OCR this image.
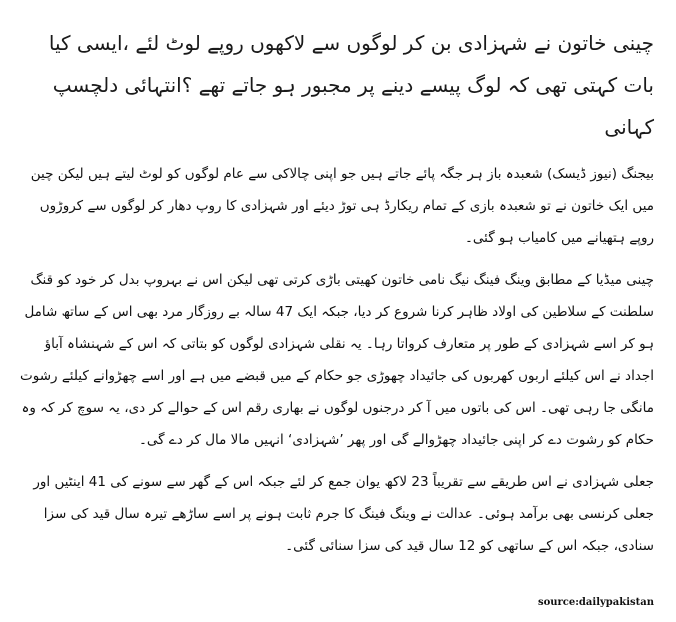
چینی خاتون نے شہزادی بن کر لوگوں سے لاکھوں روپے لوٹ لئے ،ایسی کیا بات کہتی تھی کہ لوگ پیسے دینے پر مجبور ہو جاتے تھے ؟انتہائی دلچسپ کہانی

بیجنگ (نیوز ڈیسک) شعبدہ باز ہر جگہ پائے جاتے ہیں جو اپنی چالاکی سے عام لوگوں کو لوٹ لیتے ہیں لیکن چین میں ایک خاتون نے تو شعبدہ بازی کے تمام ریکارڈ ہی توڑ دیئے اور شہزادی کا روپ دھار کر لوگوں سے کروڑوں روپے ہتھیانے میں کامیاب ہو گئی۔

چینی میڈیا کے مطابق وینگ فینگ نیگ نامی خاتون کھیتی باڑی کرتی تھی لیکن اس نے بہروپ بدل کر خود کو قنگ سلطنت کے سلاطین کی اولاد ظاہر کرنا شروع کر دیا، جبکہ ایک 47 سالہ بے روزگار مرد بھی اس کے ساتھ شامل ہو کر اسے شہزادی کے طور پر متعارف کرواتا رہا۔ یہ نقلی شہزادی لوگوں کو بتاتی کہ اس کے شہنشاہ آباؤ اجداد نے اس کیلئے اربوں کھربوں کی جائیداد چھوڑی جو حکام کے میں قبضے میں ہے اور اسے چھڑوانے کیلئے رشوت مانگی جا رہی تھی۔ اس کی باتوں میں آ کر درجنوں لوگوں نے بھاری رقم اس کے حوالے کر دی، یہ سوچ کر کہ وہ حکام کو رشوت دے کر اپنی جائیداد چھڑوالے گی اور پھر ’شہزادی‘ انہیں مالا مال کر دے گی۔

جعلی شہزادی نے اس طریقے سے تقریباً 23 لاکھ یوان جمع کر لئے جبکہ اس کے گھر سے سونے کی 41 اینٹیں اور جعلی کرنسی بھی برآمد ہوئی۔ عدالت نے وینگ فینگ کا جرم ثابت ہونے پر اسے ساڑھے تیرہ سال قید کی سزا سنادی، جبکہ اس کے ساتھی کو 12 سال قید کی سزا سنائی گئی۔

source:dailypakistan
